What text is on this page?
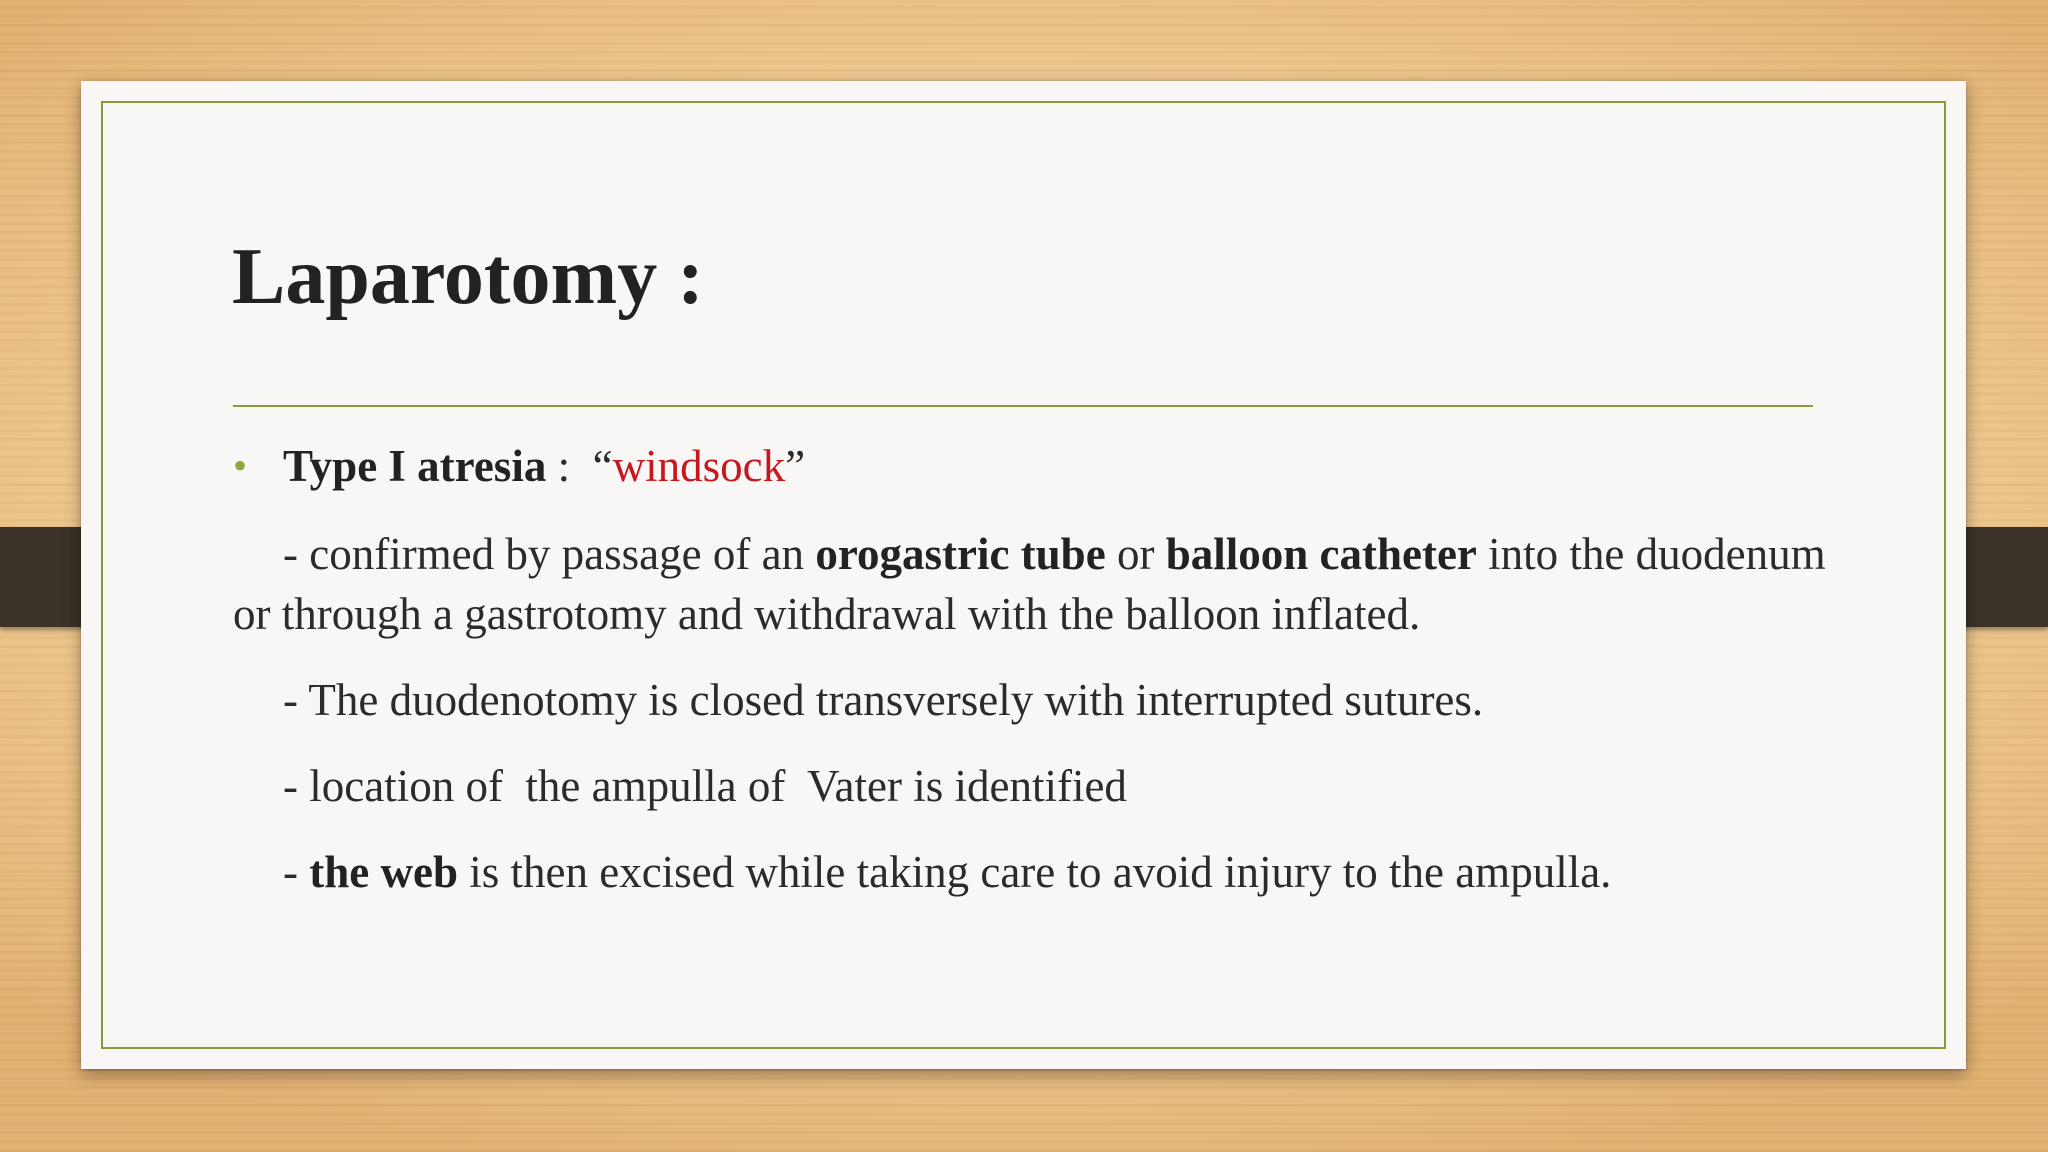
Laparotomy :
• Type I atresia :  “windsock”

- confirmed by passage of an orogastric tube or balloon catheter into the duodenum or through a gastrotomy and withdrawal with the balloon inflated.

- The duodenotomy is closed transversely with interrupted sutures.

- location of  the ampulla of  Vater is identified

- the web is then excised while taking care to avoid injury to the ampulla.
